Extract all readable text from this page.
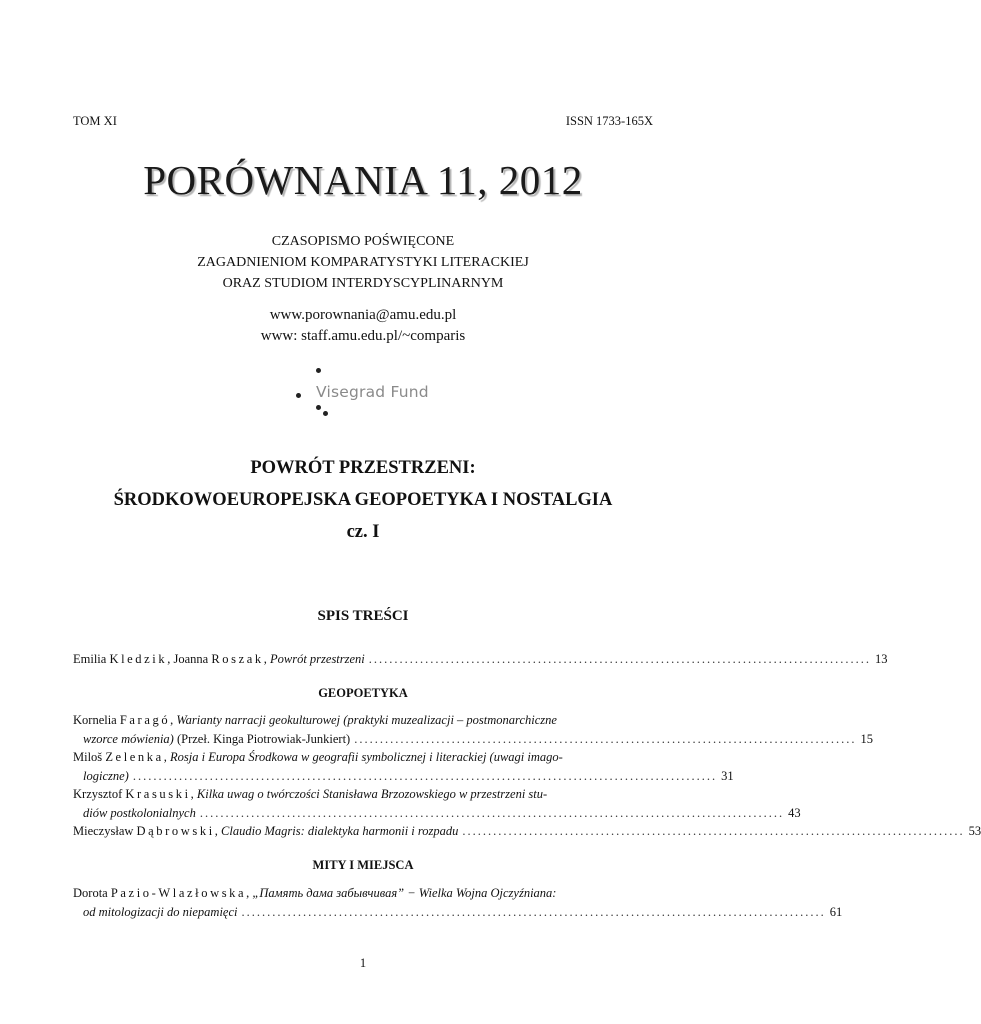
TOM XI	ISSN 1733-165X
PORÓWNANIA 11, 2012
CZASOPISMO POŚWIĘCONE
ZAGADNIENIOM KOMPARATYSTYKI LITERACKIEJ
ORAZ STUDIOM INTERDYSCYPLINARNYM
www.porownania@amu.edu.pl
www: staff.amu.edu.pl/~comparis
Visegrad Fund
POWRÓT PRZESTRZENI:
ŚRODKOWOEUROPEJSKA GEOPOETYKA I NOSTALGIA
cz. I
SPIS TREŚCI
Emilia Kledzik, Joanna Roszak, Powrót przestrzeni .................................................................................................. 13
GEOPOETYKA
Kornelia Faragó, Warianty narracji geokulturowej (praktyki muzealizacji – postmonarchiczne
wzorce mówienia) (Przeł. Kinga Piotrowiak-Junkiert) .................................................................................................. 15
Miloš Zelenka, Rosja i Europa Środkowa w geografii symbolicznej i literackiej (uwagi imago-
logiczne) .................................................................................................................. 31
Krzysztof Krasuski, Kilka uwag o twórczości Stanisława Brzozowskiego w przestrzeni stu-
diów postkolonialnych .................................................................................................................. 43
Mieczysław Dąbrowski, Claudio Magris: dialektyka harmonii i rozpadu .................................................................................................. 53
MITY I MIEJSCA
Dorota Pazio-Wlazłowska, „Память дама забывчивая” − Wielka Wojna Ojczyźniana:
od mitologizacji do niepamięci .................................................................................................................. 61
1
